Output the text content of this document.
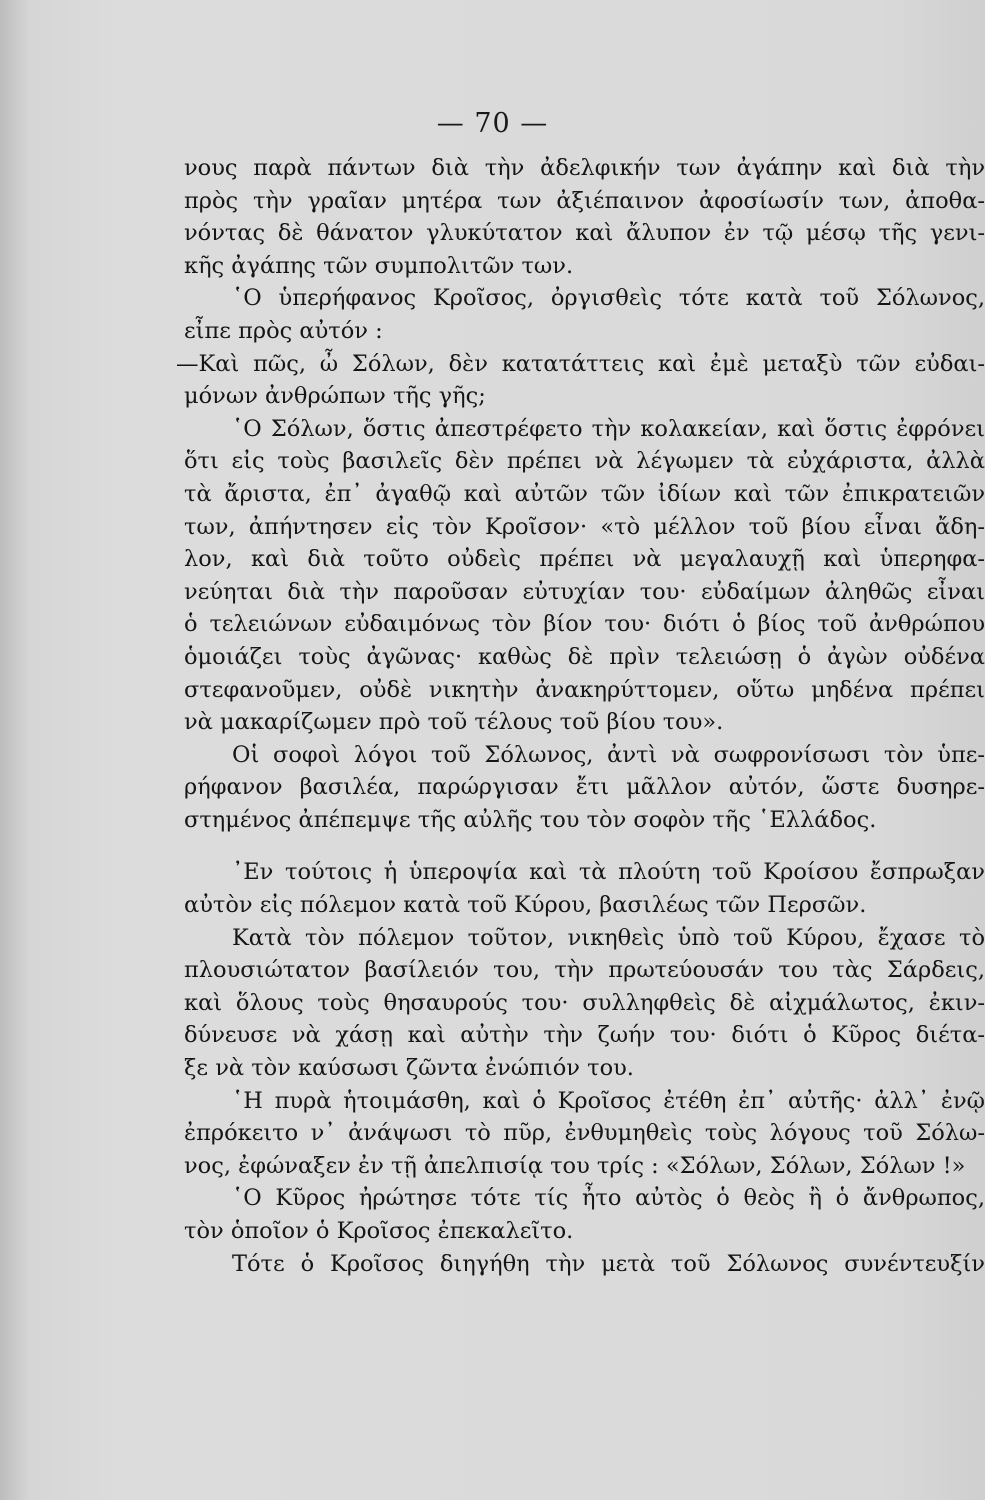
— 70 —
νους παρὰ πάντων διὰ τὴν ἀδελφικήν των ἀγάπην καὶ διὰ τὴν
πρὸς τὴν γραῖαν μητέρα των ἀξιέπαινον ἀφοσίωσίν των, ἀποθα-
νόντας δὲ θάνατον γλυκύτατον καὶ ἄλυπον ἐν τῷ μέσῳ τῆς γενι-
κῆς ἀγάπης τῶν συμπολιτῶν των.
῾Ο ὑπερήφανος Κροῖσος, ὀργισθεὶς τότε κατὰ τοῦ Σόλωνος,
εἶπε πρὸς αὐτόν :
—Καὶ πῶς, ὦ Σόλων, δὲν κατατάττεις καὶ ἐμὲ μεταξὺ τῶν εὐδαι-
μόνων ἀνθρώπων τῆς γῆς;
῾Ο Σόλων, ὅστις ἀπεστρέφετο τὴν κολακείαν, καὶ ὅστις ἐφρόνει
ὅτι εἰς τοὺς βασιλεῖς δὲν πρέπει νὰ λέγωμεν τὰ εὐχάριστα, ἀλλὰ
τὰ ἄριστα, ἐπ᾿ ἀγαθῷ καὶ αὐτῶν τῶν ἰδίων καὶ τῶν ἐπικρατειῶν
των, ἀπήντησεν εἰς τὸν Κροῖσον· «τὸ μέλλον τοῦ βίου εἶναι ἄδη-
λον, καὶ διὰ τοῦτο οὐδεὶς πρέπει νὰ μεγαλαυχῇ καὶ ὑπερηφα-
νεύηται διὰ τὴν παροῦσαν εὐτυχίαν του· εὐδαίμων ἀληθῶς εἶναι
ὁ τελειώνων εὐδαιμόνως τὸν βίον του· διότι ὁ βίος τοῦ ἀνθρώπου
ὁμοιάζει τοὺς ἀγῶνας· καθὼς δὲ πρὶν τελειώσῃ ὁ ἀγὼν οὐδένα
στεφανοῦμεν, οὐδὲ νικητὴν ἀνακηρύττομεν, οὕτω μηδένα πρέπει
νὰ μακαρίζωμεν πρὸ τοῦ τέλους τοῦ βίου του».
Οἱ σοφοὶ λόγοι τοῦ Σόλωνος, ἀντὶ νὰ σωφρονίσωσι τὸν ὑπε-
ρήφανον βασιλέα, παρώργισαν ἔτι μᾶλλον αὐτόν, ὥστε δυσηρε-
στημένος ἀπέπεμψε τῆς αὐλῆς του τὸν σοφὸν τῆς ῾Ελλάδος.
᾿Εν τούτοις ἡ ὑπεροψία καὶ τὰ πλούτη τοῦ Κροίσου ἔσπρωξαν
αὐτὸν εἰς πόλεμον κατὰ τοῦ Κύρου, βασιλέως τῶν Περσῶν.
Κατὰ τὸν πόλεμον τοῦτον, νικηθεὶς ὑπὸ τοῦ Κύρου, ἔχασε τὸ
πλουσιώτατον βασίλειόν του, τὴν πρωτεύουσάν του τὰς Σάρδεις,
καὶ ὅλους τοὺς θησαυρούς του· συλληφθεὶς δὲ αἰχμάλωτος, ἐκιν-
δύνευσε νὰ χάσῃ καὶ αὐτὴν τὴν ζωήν του· διότι ὁ Κῦρος διέτα-
ξε νὰ τὸν καύσωσι ζῶντα ἐνώπιόν του.
῾Η πυρὰ ἡτοιμάσθη, καὶ ὁ Κροῖσος ἐτέθη ἐπ᾿ αὐτῆς· ἀλλ᾿ ἐνῷ
ἐπρόκειτο ν᾿ ἀνάψωσι τὸ πῦρ, ἐνθυμηθεὶς τοὺς λόγους τοῦ Σόλω-
νος, ἐφώναξεν ἐν τῇ ἀπελπισίᾳ του τρίς : «Σόλων, Σόλων, Σόλων !»
῾Ο Κῦρος ἠρώτησε τότε τίς ἦτο αὐτὸς ὁ θεὸς ἢ ὁ ἄνθρωπος,
τὸν ὁποῖον ὁ Κροῖσος ἐπεκαλεῖτο.
Τότε ὁ Κροῖσος διηγήθη τὴν μετὰ τοῦ Σόλωνος συνέντευξίν
